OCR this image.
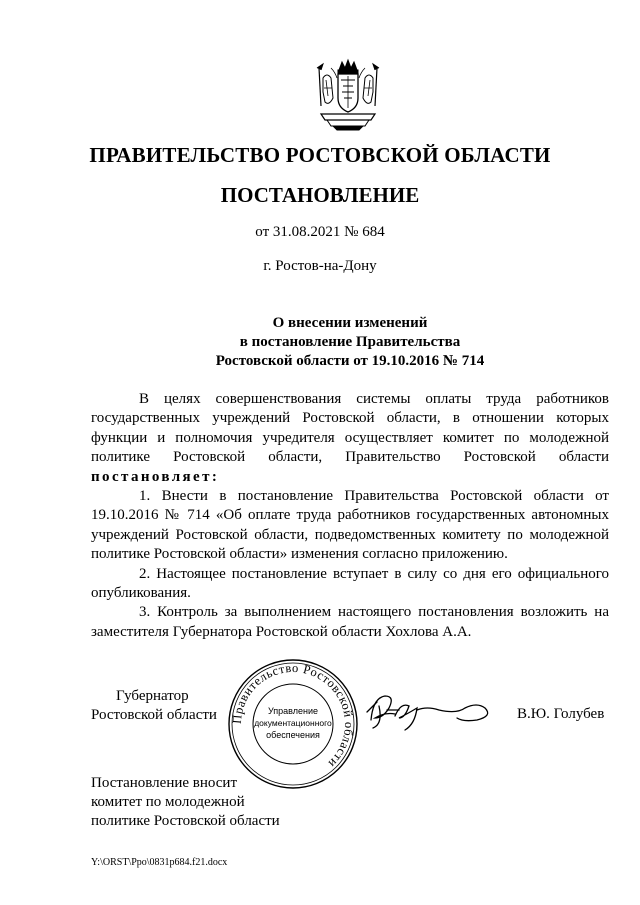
ПРАВИТЕЛЬСТВО РОСТОВСКОЙ ОБЛАСТИ
ПОСТАНОВЛЕНИЕ
от 31.08.2021 № 684
г. Ростов-на-Дону
О внесении изменений
в постановление Правительства
Ростовской области от 19.10.2016 № 714
В целях совершенствования системы оплаты труда работников
государственных учреждений Ростовской области, в отношении которых
функции и полномочия учредителя осуществляет комитет по молодежной
политике Ростовской области, Правительство Ростовской области
постановляет:

1. Внести в постановление Правительства Ростовской области от 19.10.2016 № 714 «Об оплате труда работников государственных автономных учреждений Ростовской области, подведомственных комитету по молодежной политике Ростовской области» изменения согласно приложению.

2. Настоящее постановление вступает в силу со дня его официального опубликования.

3. Контроль за выполнением настоящего постановления возложить на заместителя Губернатора Ростовской области Хохлова А.А.

Губернатор
Ростовской области Правительство Ростовской области
Управление
документационного
обеспечения
В.Ю. Голубев
Постановление вносит
комитет по молодежной
политике Ростовской области
Y:\ORST\Ppo\0831p684.f21.docx
